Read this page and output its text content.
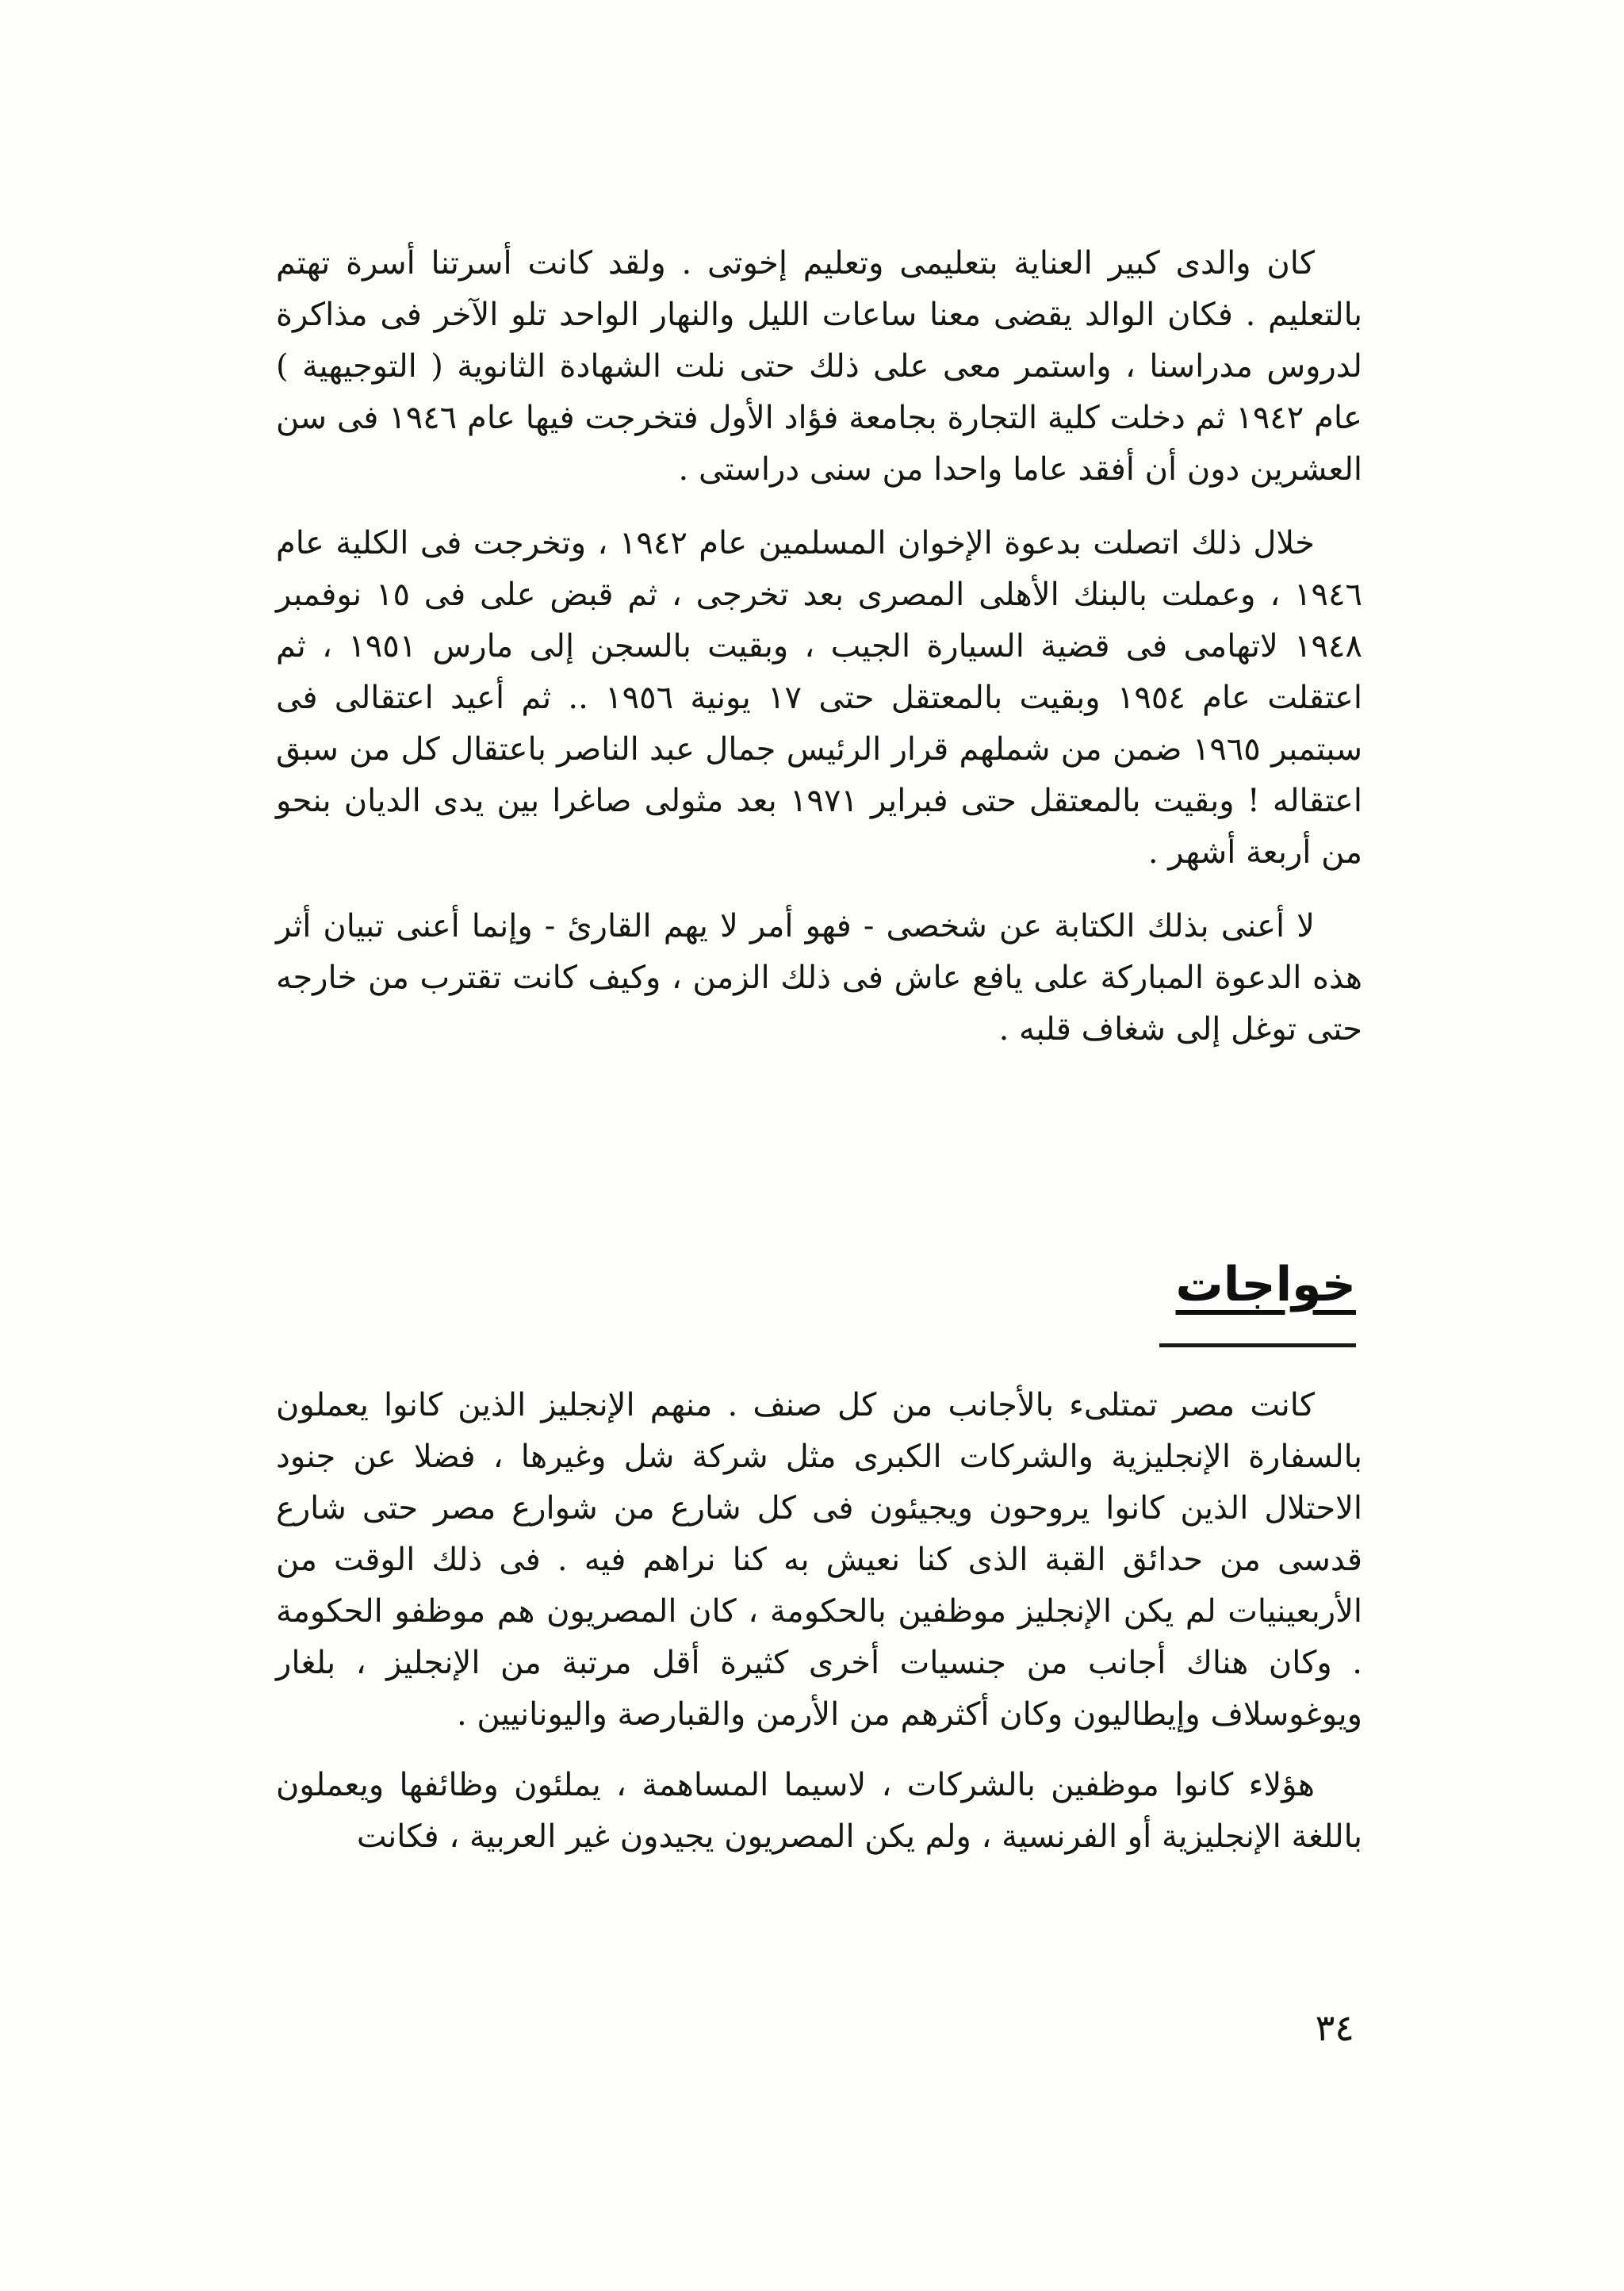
كان والدى كبير العناية بتعليمى وتعليم إخوتى . ولقد كانت أسرتنا أسرة تهتم بالتعليم . فكان الوالد يقضى معنا ساعات الليل والنهار الواحد تلو الآخر فى مذاكرة لدروس مدراسنا ، واستمر معى على ذلك حتى نلت الشهادة الثانوية ( التوجيهية ) عام ١٩٤٢ ثم دخلت كلية التجارة بجامعة فؤاد الأول فتخرجت فيها عام ١٩٤٦ فى سن العشرين دون أن أفقد عاما واحدا من سنى دراستى .

خلال ذلك اتصلت بدعوة الإخوان المسلمين عام ١٩٤٢ ، وتخرجت فى الكلية عام ١٩٤٦ ، وعملت بالبنك الأهلى المصرى بعد تخرجى ، ثم قبض على فى ١٥ نوفمبر ١٩٤٨ لاتهامى فى قضية السيارة الجيب ، وبقيت بالسجن إلى مارس ١٩٥١ ، ثم اعتقلت عام ١٩٥٤ وبقيت بالمعتقل حتى ١٧ يونية ١٩٥٦ .. ثم أعيد اعتقالى فى سبتمبر ١٩٦٥ ضمن من شملهم قرار الرئيس جمال عبد الناصر باعتقال كل من سبق اعتقاله ! وبقيت بالمعتقل حتى فبراير ١٩٧١ بعد مثولى صاغرا بين يدى الديان بنحو من أربعة أشهر .

لا أعنى بذلك الكتابة عن شخصى - فهو أمر لا يهم القارئ - وإنما أعنى تبيان أثر هذه الدعوة المباركة على يافع عاش فى ذلك الزمن ، وكيف كانت تقترب من خارجه حتى توغل إلى شغاف قلبه .

خواجات

كانت مصر تمتلىء بالأجانب من كل صنف . منهم الإنجليز الذين كانوا يعملون بالسفارة الإنجليزية والشركات الكبرى مثل شركة شل وغيرها ، فضلا عن جنود الاحتلال الذين كانوا يروحون ويجيئون فى كل شارع من شوارع مصر حتى شارع قدسى من حدائق القبة الذى كنا نعيش به كنا نراهم فيه . فى ذلك الوقت من الأربعينيات لم يكن الإنجليز موظفين بالحكومة ، كان المصريون هم موظفو الحكومة . وكان هناك أجانب من جنسيات أخرى كثيرة أقل مرتبة من الإنجليز ، بلغار ويوغوسلاف وإيطاليون وكان أكثرهم من الأرمن والقبارصة واليونانيين .

هؤلاء كانوا موظفين بالشركات ، لاسيما المساهمة ، يملئون وظائفها ويعملون باللغة الإنجليزية أو الفرنسية ، ولم يكن المصريون يجيدون غير العربية ، فكانت

٣٤
